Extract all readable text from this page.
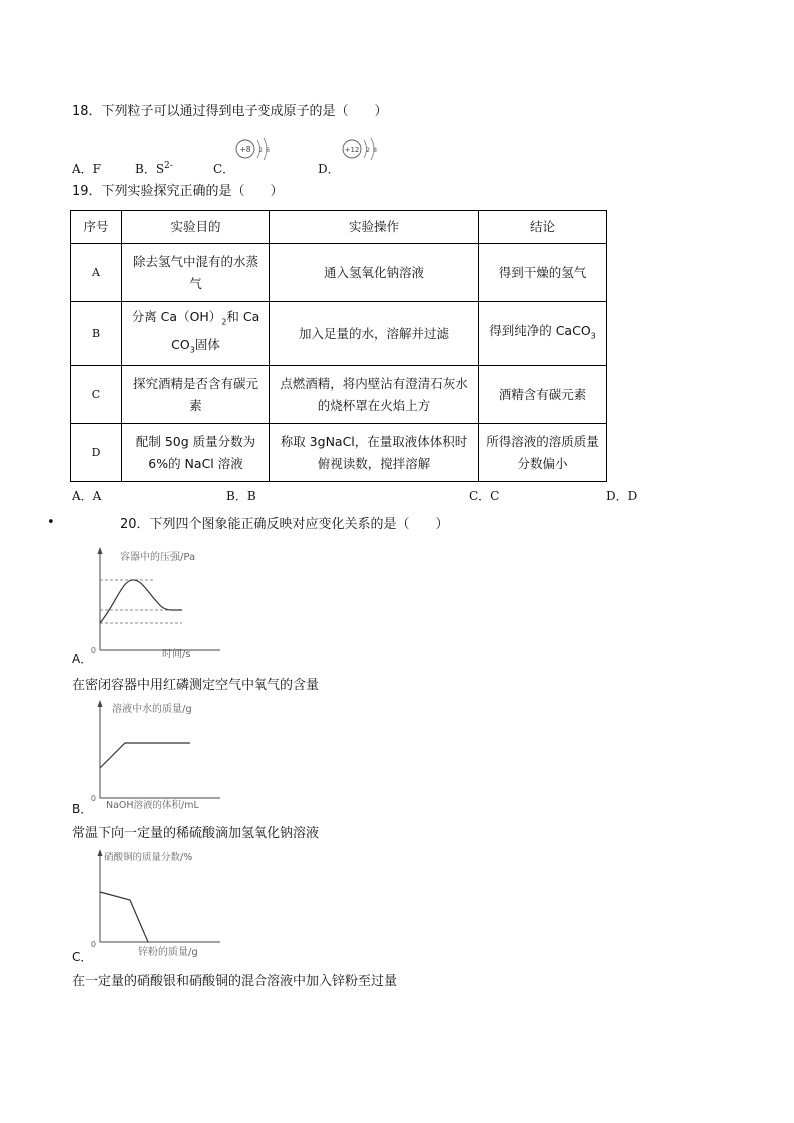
18．下列粒子可以通过得到电子变成原子的是（　　）
A．F	B．$S^{2-}$	C．
+8 2 6
D．
+12 2 8
19．下列实验探究正确的是（　　）
序号	实验目的	实验操作	结论
A	除去氢气中混有的水蒸气	通入氢氧化钠溶液	得到干燥的氢气
B	分离 $Ca(OH)_2$和 Ca
$CO_3$固体	加入足量的水，溶解并过滤	得到纯净的 CaCO$_3$
C	探究酒精是否含有碳元素	点燃酒精，将内壁沾有澄清石灰水的烧杯罩在火焰上方	酒精含有碳元素
D	配制 50g 质量分数为 6%的 NaCl 溶液	称取 3gNaCl，在量取液体体积时俯视读数，搅拌溶解	所得溶液的溶质质量分数偏小
A．A	B．B	C．C	D．D
•	20．下列四个图象能正确反映对应变化关系的是（　　）
容器中的压强/Pa
0	时间/s
A．
在密闭容器中用红磷测定空气中氧气的含量
溶液中水的质量/g
0
NaOH溶液的体积/mL
B．
常温下向一定量的稀硫酸滴加氢氧化钠溶液
硝酸铜的质量分数/%
0
锌粉的质量/g
C．
在一定量的硝酸银和硝酸铜的混合溶液中加入锌粉至过量
